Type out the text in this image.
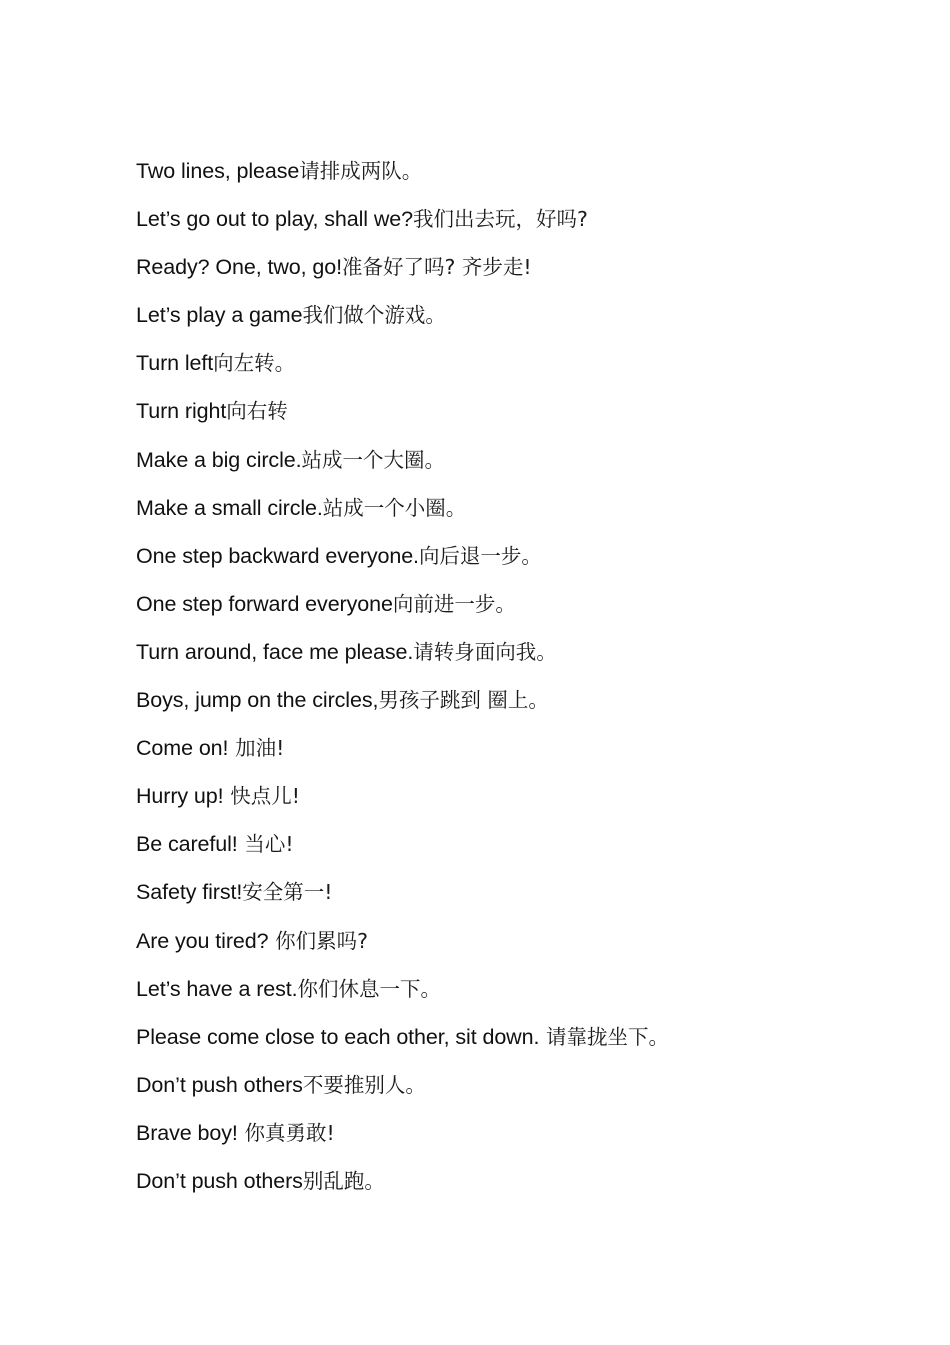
Two lines, please请排成两队。
Let’s go out to play, shall we?我们出去玩，好吗?
Ready? One, two, go!准备好了吗? 齐步走!
Let’s play a game我们做个游戏。
Turn left向左转。
Turn right向右转
Make a big circle.站成一个大圈。
Make a small circle.站成一个小圈。
One step backward everyone.向后退一步。
One step forward everyone向前进一步。
Turn around, face me please.请转身面向我。
Boys, jump on the circles,男孩子跳到 圈上。
Come on! 加油!
Hurry up! 快点儿!
Be careful! 当心!
Safety first!安全第一!
Are you tired? 你们累吗?
Let’s have a rest.你们休息一下。
Please come close to each other, sit down. 请靠拢坐下。
Don’t push others不要推别人。
Brave boy! 你真勇敢!
Don’t push others别乱跑。
